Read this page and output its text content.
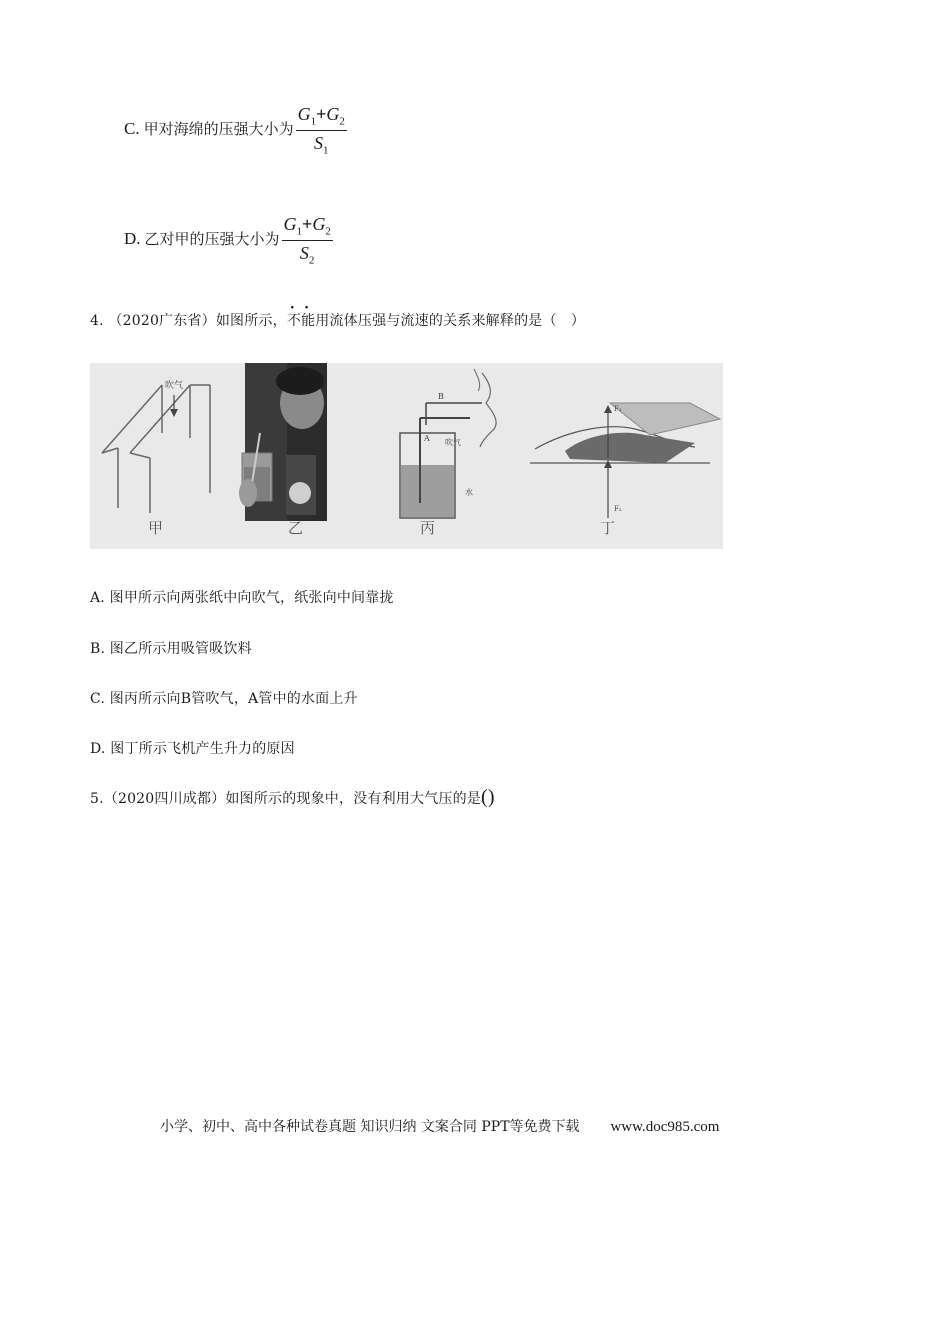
C. 甲对海绵的压强大小为 $\frac{G_1+G_2}{S_1}$
D. 乙对甲的压强大小为 $\frac{G_1+G_2}{S_2}$
4. （2020广东省）如图所示，不能用流体压强与流速的关系来解释的是（　）
吹气
甲	乙
B
A 吹气
水
丙
F₁
F₂
丁
A. 图甲所示向两张纸中向吹气，纸张向中间靠拢
B. 图乙所示用吸管吸饮料
C. 图丙所示向B管吹气，A管中的水面上升
D. 图丁所示飞机产生升力的原因
5.（2020四川成都）如图所示的现象中，没有利用大气压的是()
小学、初中、高中各种试卷真题 知识归纳 文案合同 PPT等免费下载 www.doc985.com
